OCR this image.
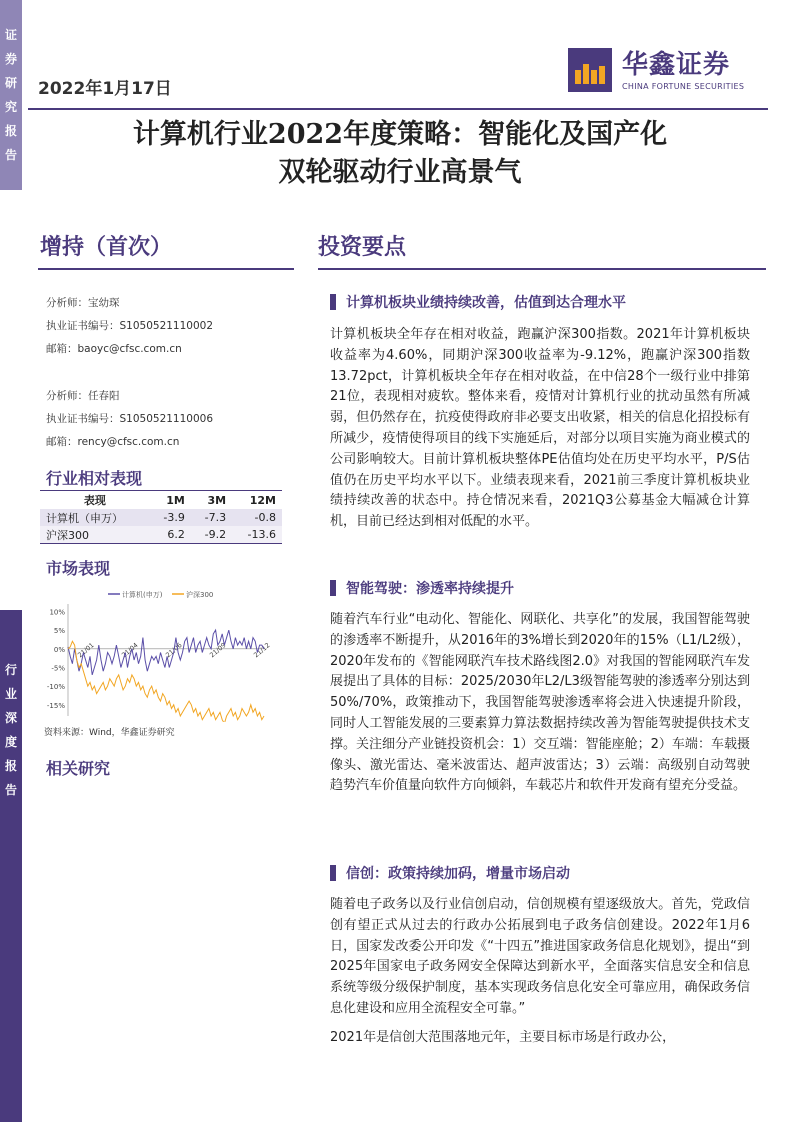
证
券
研
究
报
告
行
业
深
度
报
告
2022年1月17日
华鑫证券
CHINA FORTUNE SECURITIES
计算机行业2022年度策略：智能化及国产化
双轮驱动行业高景气
增持（首次）	投资要点
分析师：宝幼琛
执业证书编号：S1050521110002
邮箱：baoyc@cfsc.com.cn
分析师：任春阳
执业证书编号：S1050521110006
邮箱：rency@cfsc.com.cn
行业相对表现
表现	1M	3M	12M
计算机（申万）	-3.9	-7.3	-0.8
沪深300	6.2	-9.2	-13.6
市场表现
计算机(申万)	沪深300
10%
5%
0%
-5%
-10%
-15%
21/01	21/04	21/06	21/09	21/12
资料来源：Wind，华鑫证券研究
相关研究
计算机板块业绩持续改善，估值到达合理水平

计算机板块全年存在相对收益，跑赢沪深300指数。2021年计算机板块收益率为4.60%，同期沪深300收益率为-9.12%，跑赢沪深300指数13.72pct，计算机板块全年存在相对收益，在中信28个一级行业中排第21位，表现相对疲软。整体来看，疫情对计算机行业的扰动虽然有所减弱，但仍然存在，抗疫使得政府非必要支出收紧，相关的信息化招投标有所减少，疫情使得项目的线下实施延后，对部分以项目实施为商业模式的公司影响较大。目前计算机板块整体PE估值均处在历史平均水平，P/S估值仍在历史平均水平以下。业绩表现来看，2021前三季度计算机板块业绩持续改善的状态中。持仓情况来看，2021Q3公募基金大幅减仓计算机，目前已经达到相对低配的水平。

智能驾驶：渗透率持续提升

随着汽车行业“电动化、智能化、网联化、共享化”的发展，我国智能驾驶的渗透率不断提升，从2016年的3%增长到2020年的15%（L1/L2级），2020年发布的《智能网联汽车技术路线图2.0》对我国的智能网联汽车发展提出了具体的目标：2025/2030年L2/L3级智能驾驶的渗透率分别达到50%/70%，政策推动下，我国智能驾驶渗透率将会进入快速提升阶段，同时人工智能发展的三要素算力算法数据持续改善为智能驾驶提供技术支撑。关注细分产业链投资机会：1）交互端：智能座舱；2）车端：车载摄像头、激光雷达、毫米波雷达、超声波雷达；3）云端：高级别自动驾驶趋势汽车价值量向软件方向倾斜，车载芯片和软件开发商有望充分受益。

信创：政策持续加码，增量市场启动

随着电子政务以及行业信创启动，信创规模有望逐级放大。首先，党政信创有望正式从过去的行政办公拓展到电子政务信创建设。2022年1月6日，国家发改委公开印发《“十四五”推进国家政务信息化规划》，提出“到2025年国家电子政务网安全保障达到新水平，全面落实信息安全和信息系统等级分级保护制度，基本实现政务信息化安全可靠应用，确保政务信息化建设和应用全流程安全可靠。”

2021年是信创大范围落地元年，主要目标市场是行政办公，
